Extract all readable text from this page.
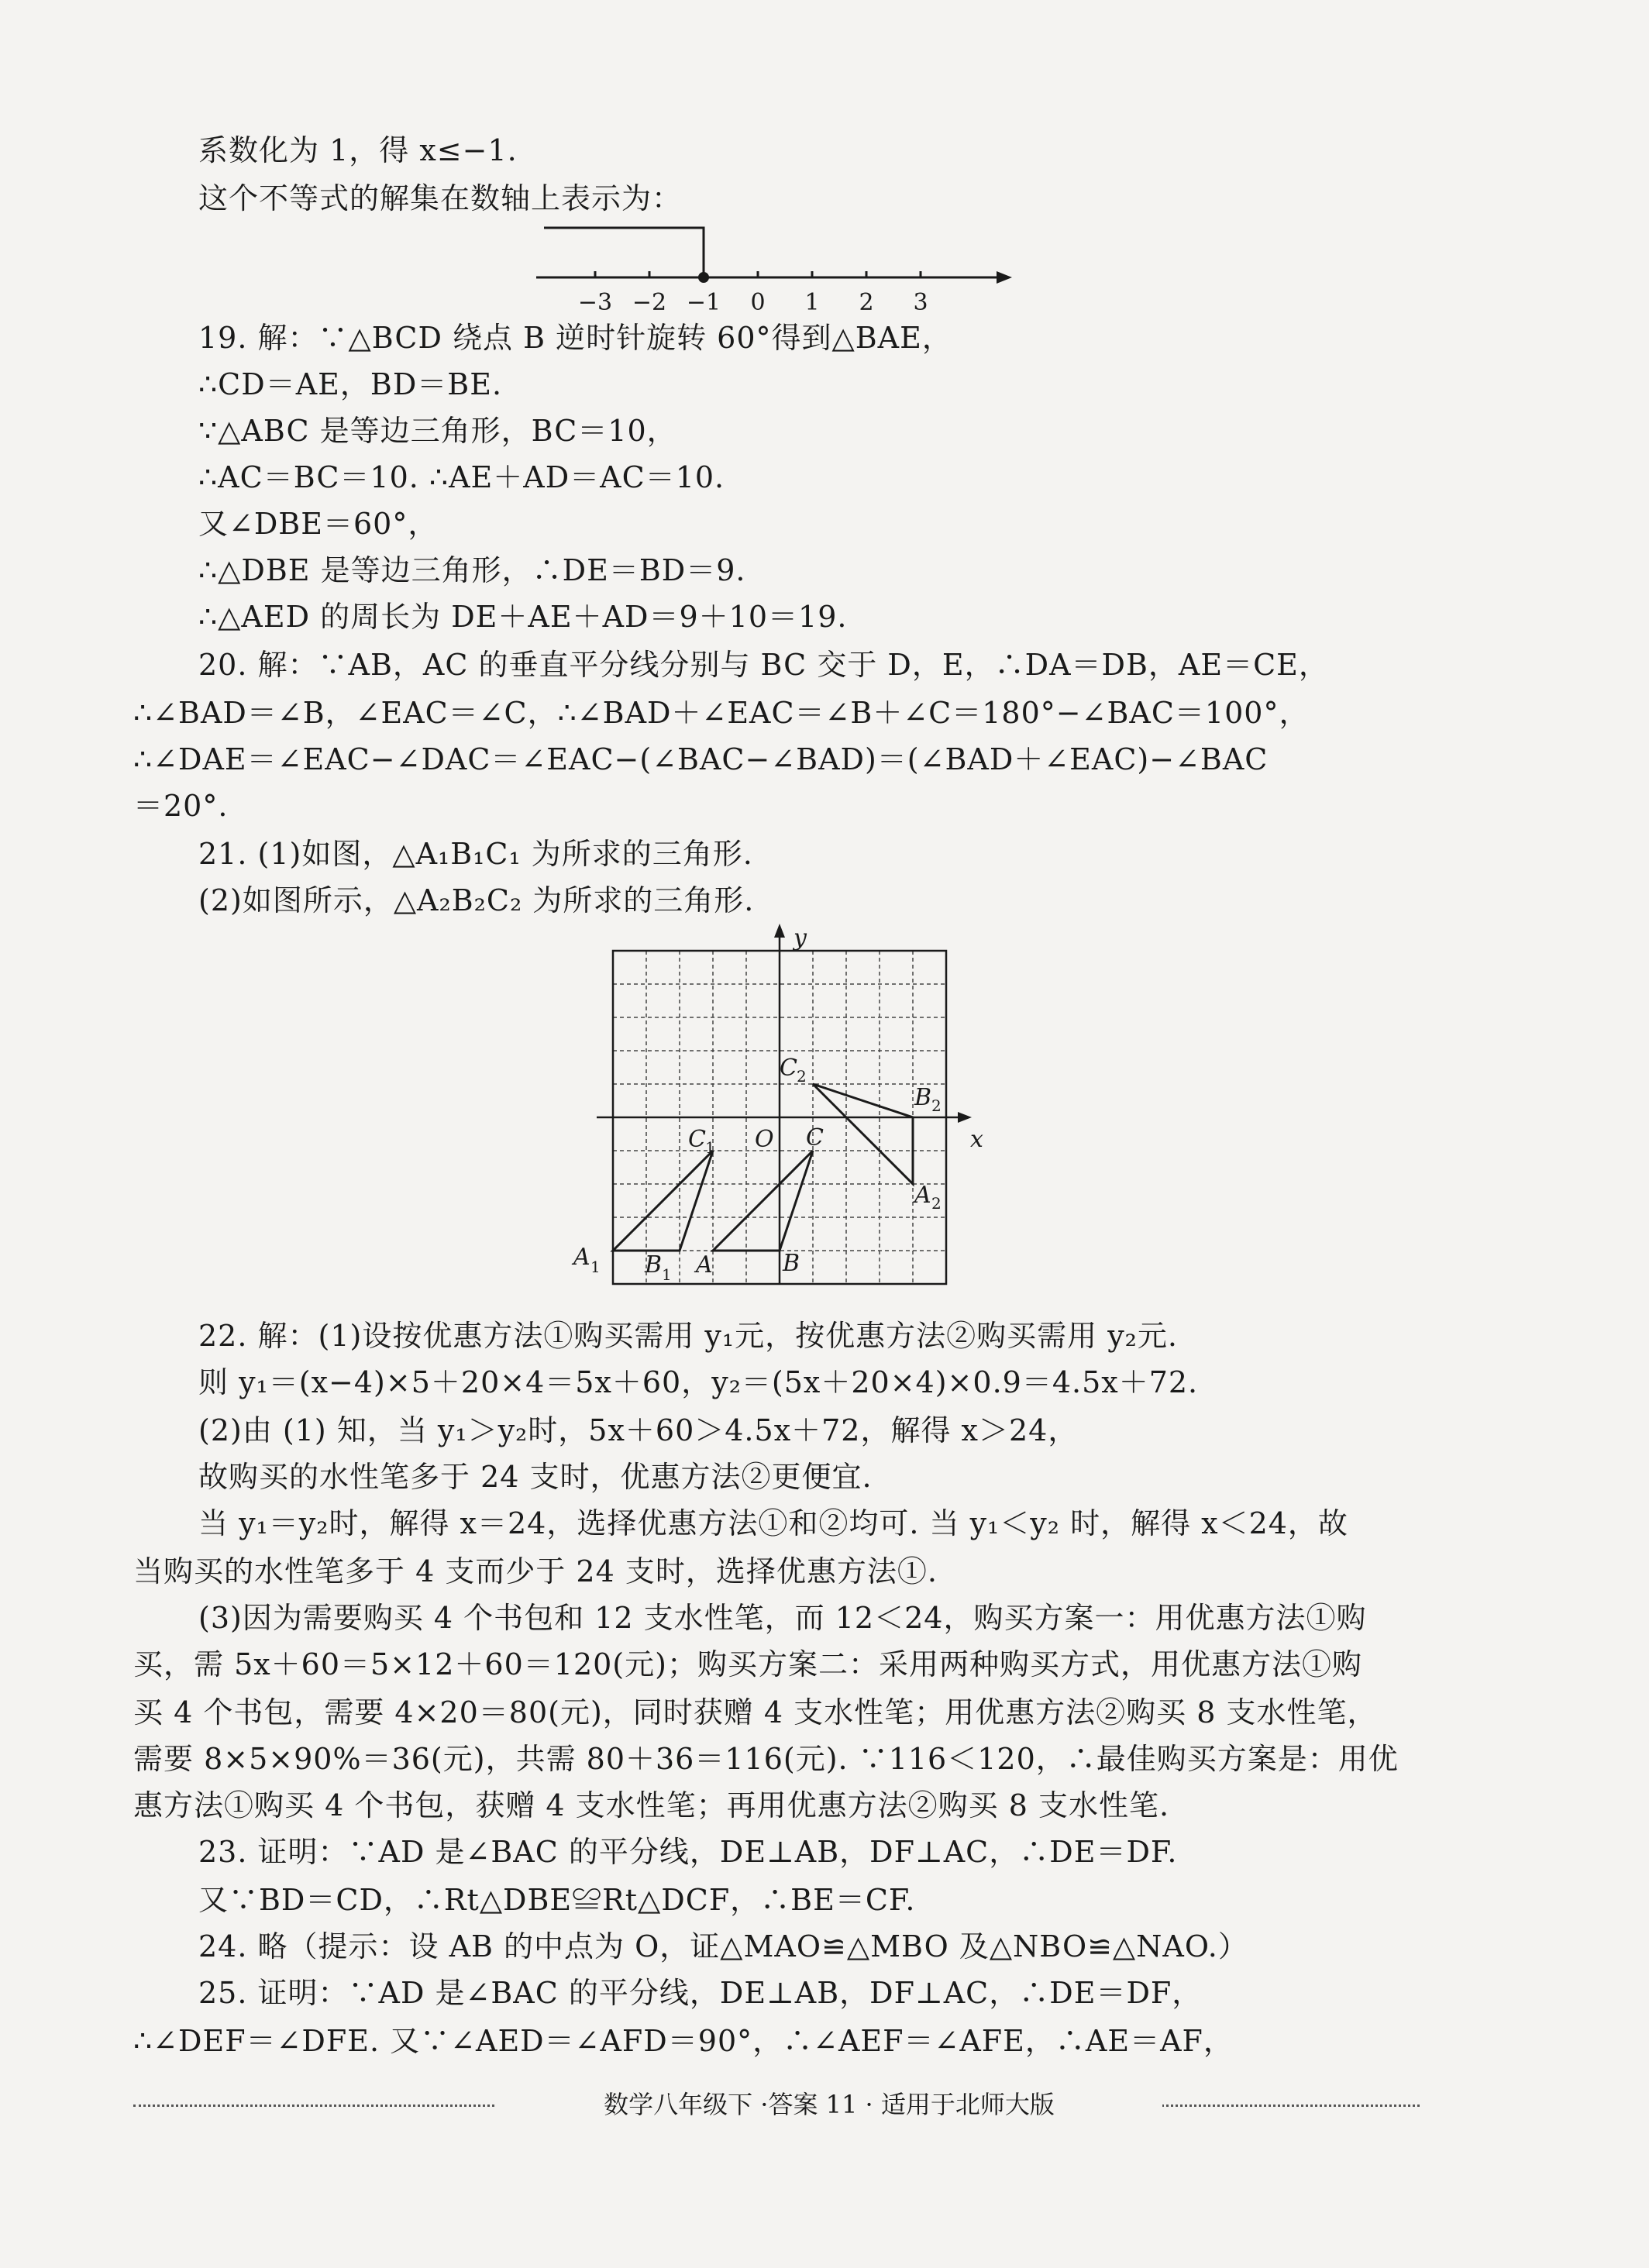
系数化为 1，得 x≤−1.
这个不等式的解集在数轴上表示为：
−3 −2 −1 0 1 2 3
19. 解：∵△BCD 绕点 B 逆时针旋转 60°得到△BAE，
∴CD＝AE，BD＝BE.
∵△ABC 是等边三角形，BC＝10，
∴AC＝BC＝10. ∴AE＋AD＝AC＝10.
又∠DBE＝60°，
∴△DBE 是等边三角形，∴DE＝BD＝9.
∴△AED 的周长为 DE＋AE＋AD＝9＋10＝19.
20. 解：∵AB，AC 的垂直平分线分别与 BC 交于 D，E，∴DA＝DB，AE＝CE，
∴∠BAD＝∠B，∠EAC＝∠C，∴∠BAD＋∠EAC＝∠B＋∠C＝180°−∠BAC＝100°，
∴∠DAE＝∠EAC−∠DAC＝∠EAC−(∠BAC−∠BAD)＝(∠BAD＋∠EAC)−∠BAC
＝20°.
21. (1)如图，△A₁B₁C₁ 为所求的三角形.
(2)如图所示，△A₂B₂C₂ 为所求的三角形.
x
y
O
A 1 B 1
C 1
A	B
C
C 2
B 2
A 2
22. 解：(1)设按优惠方法①购买需用 y₁元，按优惠方法②购买需用 y₂元.
则 y₁＝(x−4)×5＋20×4＝5x＋60，y₂＝(5x＋20×4)×0.9＝4.5x＋72.
(2)由 (1) 知，当 y₁＞y₂时，5x＋60＞4.5x＋72，解得 x＞24，
故购买的水性笔多于 24 支时，优惠方法②更便宜.
当 y₁＝y₂时，解得 x＝24，选择优惠方法①和②均可. 当 y₁＜y₂ 时，解得 x＜24，故
当购买的水性笔多于 4 支而少于 24 支时，选择优惠方法①.
(3)因为需要购买 4 个书包和 12 支水性笔，而 12＜24，购买方案一：用优惠方法①购
买，需 5x＋60＝5×12＋60＝120(元)；购买方案二：采用两种购买方式，用优惠方法①购
买 4 个书包，需要 4×20＝80(元)，同时获赠 4 支水性笔；用优惠方法②购买 8 支水性笔，
需要 8×5×90%＝36(元)，共需 80＋36＝116(元). ∵116＜120，∴最佳购买方案是：用优
惠方法①购买 4 个书包，获赠 4 支水性笔；再用优惠方法②购买 8 支水性笔.
23. 证明：∵AD 是∠BAC 的平分线，DE⊥AB，DF⊥AC，∴DE＝DF.
又∵BD＝CD，∴Rt△DBE≌Rt△DCF，∴BE＝CF.
24. 略（提示：设 AB 的中点为 O，证△MAO≌△MBO 及△NBO≌△NAO.）
25. 证明：∵AD 是∠BAC 的平分线，DE⊥AB，DF⊥AC，∴DE＝DF，
∴∠DEF＝∠DFE. 又∵∠AED＝∠AFD＝90°，∴∠AEF＝∠AFE，∴AE＝AF，
数学八年级下 ·答案 11 · 适用于北师大版
